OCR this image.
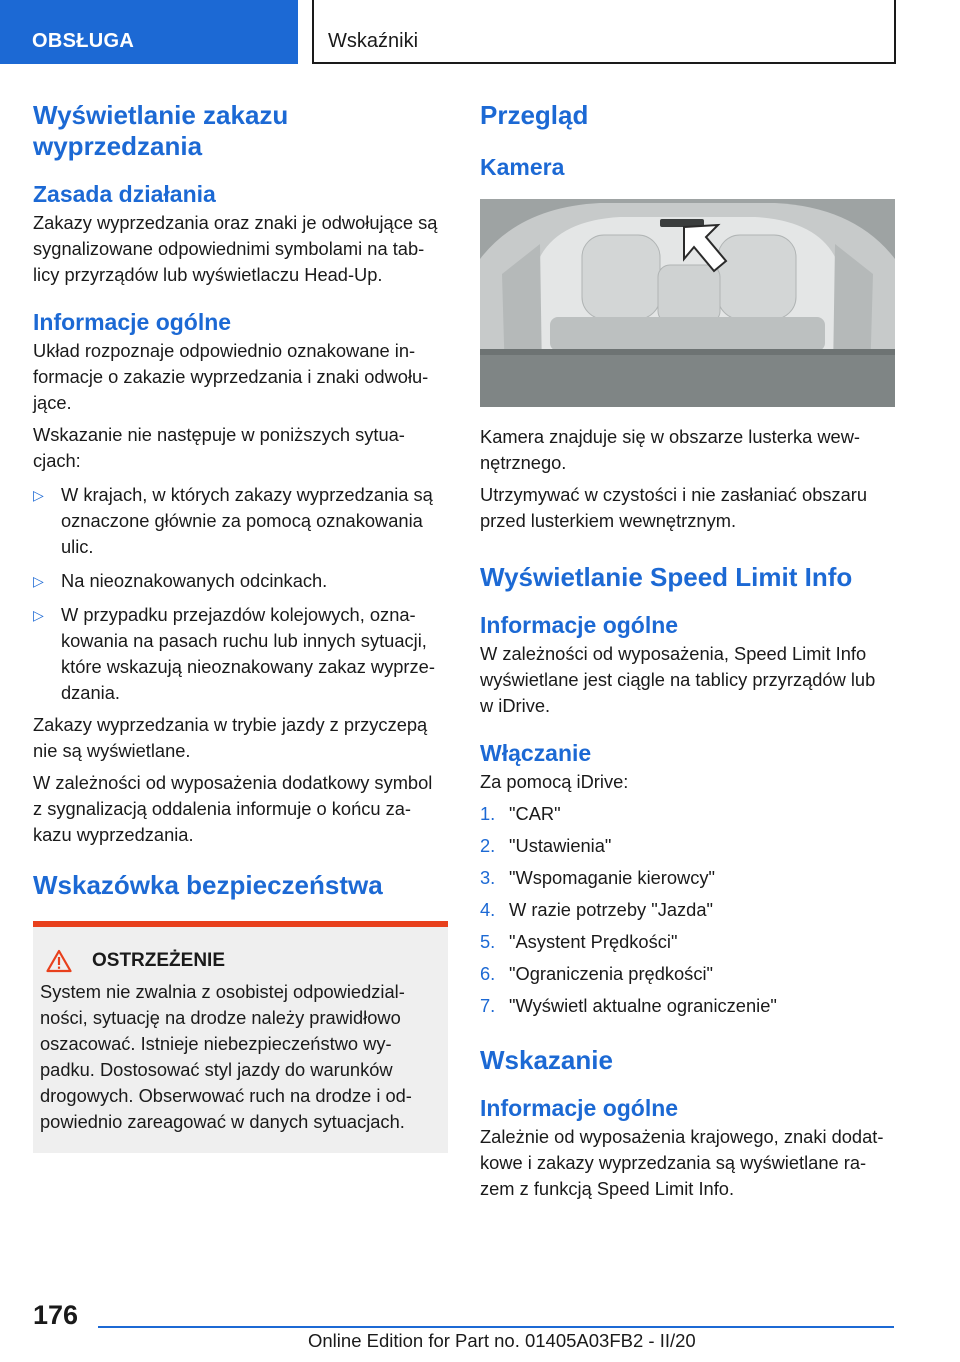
OBSŁUGA	Wskaźniki
Wyświetlanie zakazu
wyprzedzania
Zasada działania

Zakazy wyprzedzania oraz znaki je odwołujące są
sygnalizowane odpowiednimi symbolami na tab-
licy przyrządów lub wyświetlaczu Head-Up.

Informacje ogólne

Układ rozpoznaje odpowiednio oznakowane in-
formacje o zakazie wyprzedzania i znaki odwołu-
jące.

Wskazanie nie następuje w poniższych sytua-
cjach:

▷ W krajach, w których zakazy wyprzedzania są
oznaczone głównie za pomocą oznakowania
ulic.
▷ Na nieoznakowanych odcinkach.
▷ W przypadku przejazdów kolejowych, ozna-
kowania na pasach ruchu lub innych sytuacji,
które wskazują nieoznakowany zakaz wyprze-
dzania.

Zakazy wyprzedzania w trybie jazdy z przyczepą
nie są wyświetlane.

W zależności od wyposażenia dodatkowy symbol
z sygnalizacją oddalenia informuje o końcu za-
kazu wyprzedzania.

Wskazówka bezpieczeństwa
OSTRZEŻENIE

System nie zwalnia z osobistej odpowiedzial-
ności, sytuację na drodze należy prawidłowo
oszacować. Istnieje niebezpieczeństwo wy-
padku. Dostosować styl jazdy do warunków
drogowych. Obserwować ruch na drodze i od-
powiednio zareagować w danych sytuacjach.

Przegląd
Kamera

Kamera znajduje się w obszarze lusterka wew-
nętrznego.

Utrzymywać w czystości i nie zasłaniać obszaru
przed lusterkiem wewnętrznym.

Wyświetlanie Speed Limit Info
Informacje ogólne

W zależności od wyposażenia, Speed Limit Info
wyświetlane jest ciągle na tablicy przyrządów lub
w iDrive.

Włączanie

Za pomocą iDrive:

1. "CAR"
2. "Ustawienia"
3. "Wspomaganie kierowcy"
4. W razie potrzeby "Jazda"
5. "Asystent Prędkości"
6. "Ograniczenia prędkości"
7. "Wyświetl aktualne ograniczenie"
Wskazanie
Informacje ogólne

Zależnie od wyposażenia krajowego, znaki dodat-
kowe i zakazy wyprzedzania są wyświetlane ra-
zem z funkcją Speed Limit Info.

176
Online Edition for Part no. 01405A03FB2 - II/20
